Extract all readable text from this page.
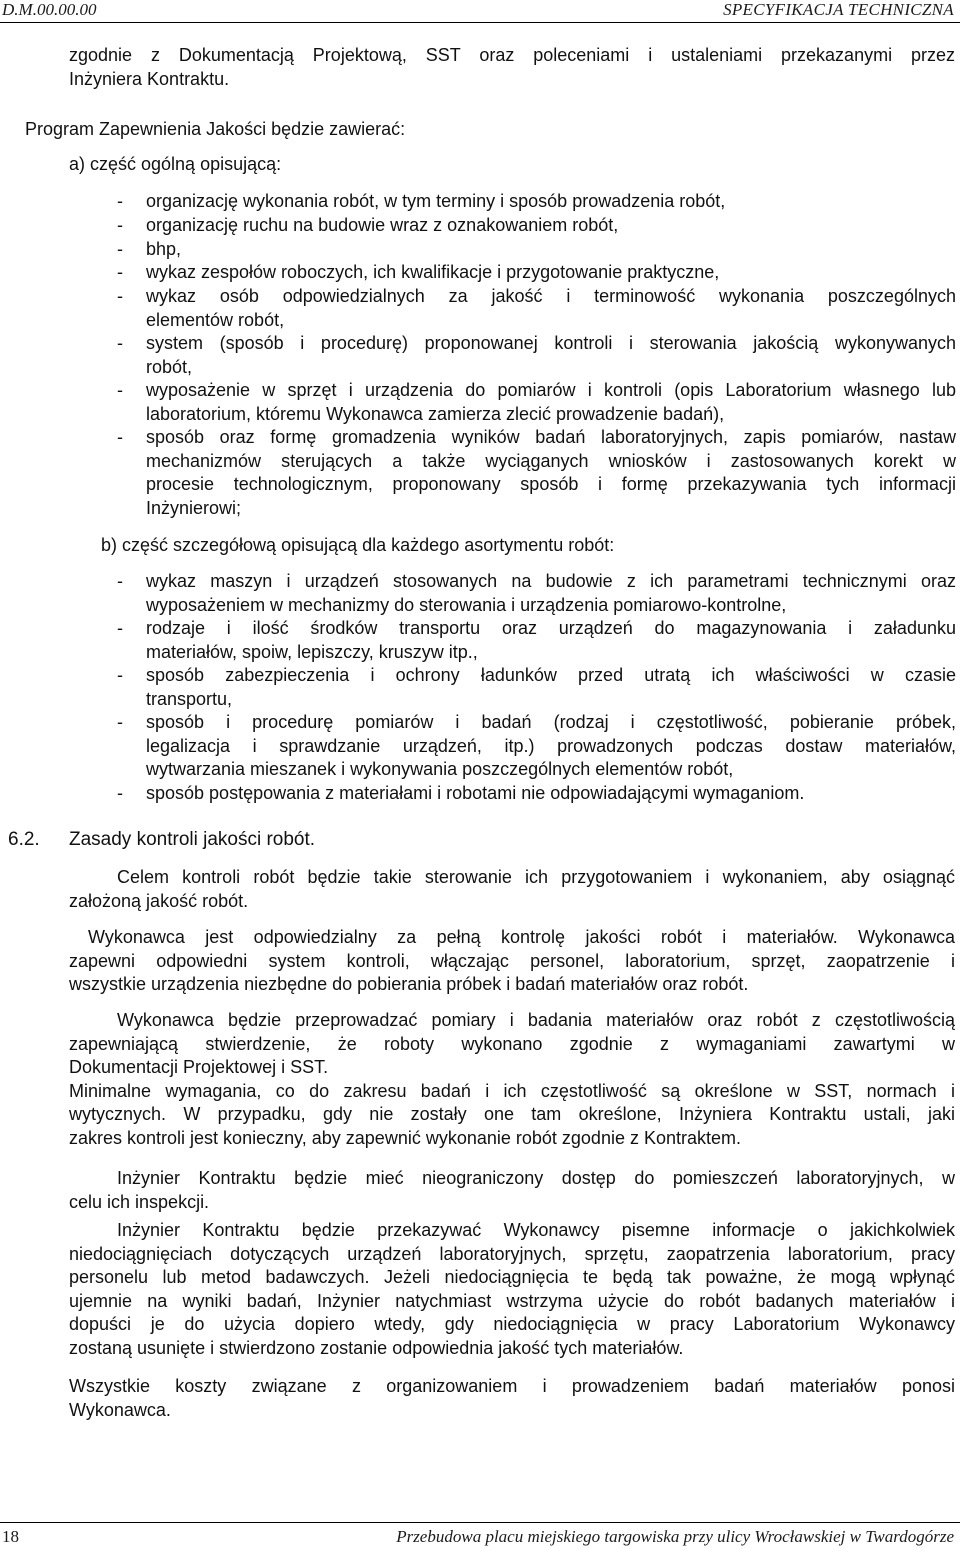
D.M.00.00.00	SPECYFIKACJA TECHNICZNA
zgodnie z Dokumentacją Projektową, SST oraz poleceniami i ustaleniami przekazanymi przez
Inżyniera Kontraktu.
Program Zapewnienia Jakości będzie zawierać:
a) część ogólną opisującą:
-	organizację wykonania robót, w tym terminy i sposób prowadzenia robót,
-	organizację ruchu na budowie wraz z oznakowaniem robót,
-	bhp,
-	wykaz zespołów roboczych, ich kwalifikacje i przygotowanie praktyczne,
-	wykaz osób odpowiedzialnych za jakość i terminowość wykonania poszczególnych
elementów robót,
-	system (sposób i procedurę) proponowanej kontroli i sterowania jakością wykonywanych
robót,
-	wyposażenie w sprzęt i urządzenia do pomiarów i kontroli (opis Laboratorium własnego lub
laboratorium, któremu Wykonawca zamierza zlecić prowadzenie badań),
-	sposób oraz formę gromadzenia wyników badań laboratoryjnych, zapis pomiarów, nastaw
mechanizmów sterujących a także wyciąganych wniosków i zastosowanych korekt w
procesie technologicznym, proponowany sposób i formę przekazywania tych informacji
Inżynierowi;
b) część szczegółową opisującą dla każdego asortymentu robót:
-	wykaz maszyn i urządzeń stosowanych na budowie z ich parametrami technicznymi oraz
wyposażeniem w mechanizmy do sterowania i urządzenia pomiarowo-kontrolne,
-	rodzaje i ilość środków transportu oraz urządzeń do magazynowania i załadunku
materiałów, spoiw, lepiszczy, kruszyw itp.,
-	sposób zabezpieczenia i ochrony ładunków przed utratą ich właściwości w czasie
transportu,
-	sposób i procedurę pomiarów i badań (rodzaj i częstotliwość, pobieranie próbek,
legalizacja i sprawdzanie urządzeń, itp.) prowadzonych podczas dostaw materiałów,
wytwarzania mieszanek i wykonywania poszczególnych elementów robót,
-	sposób postępowania z materiałami i robotami nie odpowiadającymi wymaganiom.
6.2. Zasady kontroli jakości robót.
Celem kontroli robót będzie takie sterowanie ich przygotowaniem i wykonaniem, aby osiągnąć
założoną jakość robót.
Wykonawca jest odpowiedzialny za pełną kontrolę jakości robót i materiałów. Wykonawca
zapewni odpowiedni system kontroli, włączając personel, laboratorium, sprzęt, zaopatrzenie i
wszystkie urządzenia niezbędne do pobierania próbek i badań materiałów oraz robót.
Wykonawca będzie przeprowadzać pomiary i badania materiałów oraz robót z częstotliwością
zapewniającą stwierdzenie, że roboty wykonano zgodnie z wymaganiami zawartymi w
Dokumentacji Projektowej i SST.
Minimalne wymagania, co do zakresu badań i ich częstotliwość są określone w SST, normach i
wytycznych. W przypadku, gdy nie zostały one tam określone, Inżyniera Kontraktu ustali, jaki
zakres kontroli jest konieczny, aby zapewnić wykonanie robót zgodnie z Kontraktem.
Inżynier Kontraktu będzie mieć nieograniczony dostęp do pomieszczeń laboratoryjnych, w
celu ich inspekcji.
Inżynier Kontraktu będzie przekazywać Wykonawcy pisemne informacje o jakichkolwiek
niedociągnięciach dotyczących urządzeń laboratoryjnych, sprzętu, zaopatrzenia laboratorium, pracy
personelu lub metod badawczych. Jeżeli niedociągnięcia te będą tak poważne, że mogą wpłynąć
ujemnie na wyniki badań, Inżynier natychmiast wstrzyma użycie do robót badanych materiałów i
dopuści je do użycia dopiero wtedy, gdy niedociągnięcia w pracy Laboratorium Wykonawcy
zostaną usunięte i stwierdzono zostanie odpowiednia jakość tych materiałów.
Wszystkie koszty związane z organizowaniem i prowadzeniem badań materiałów ponosi
Wykonawca.
18	Przebudowa placu miejskiego targowiska przy ulicy Wrocławskiej w Twardogórze
